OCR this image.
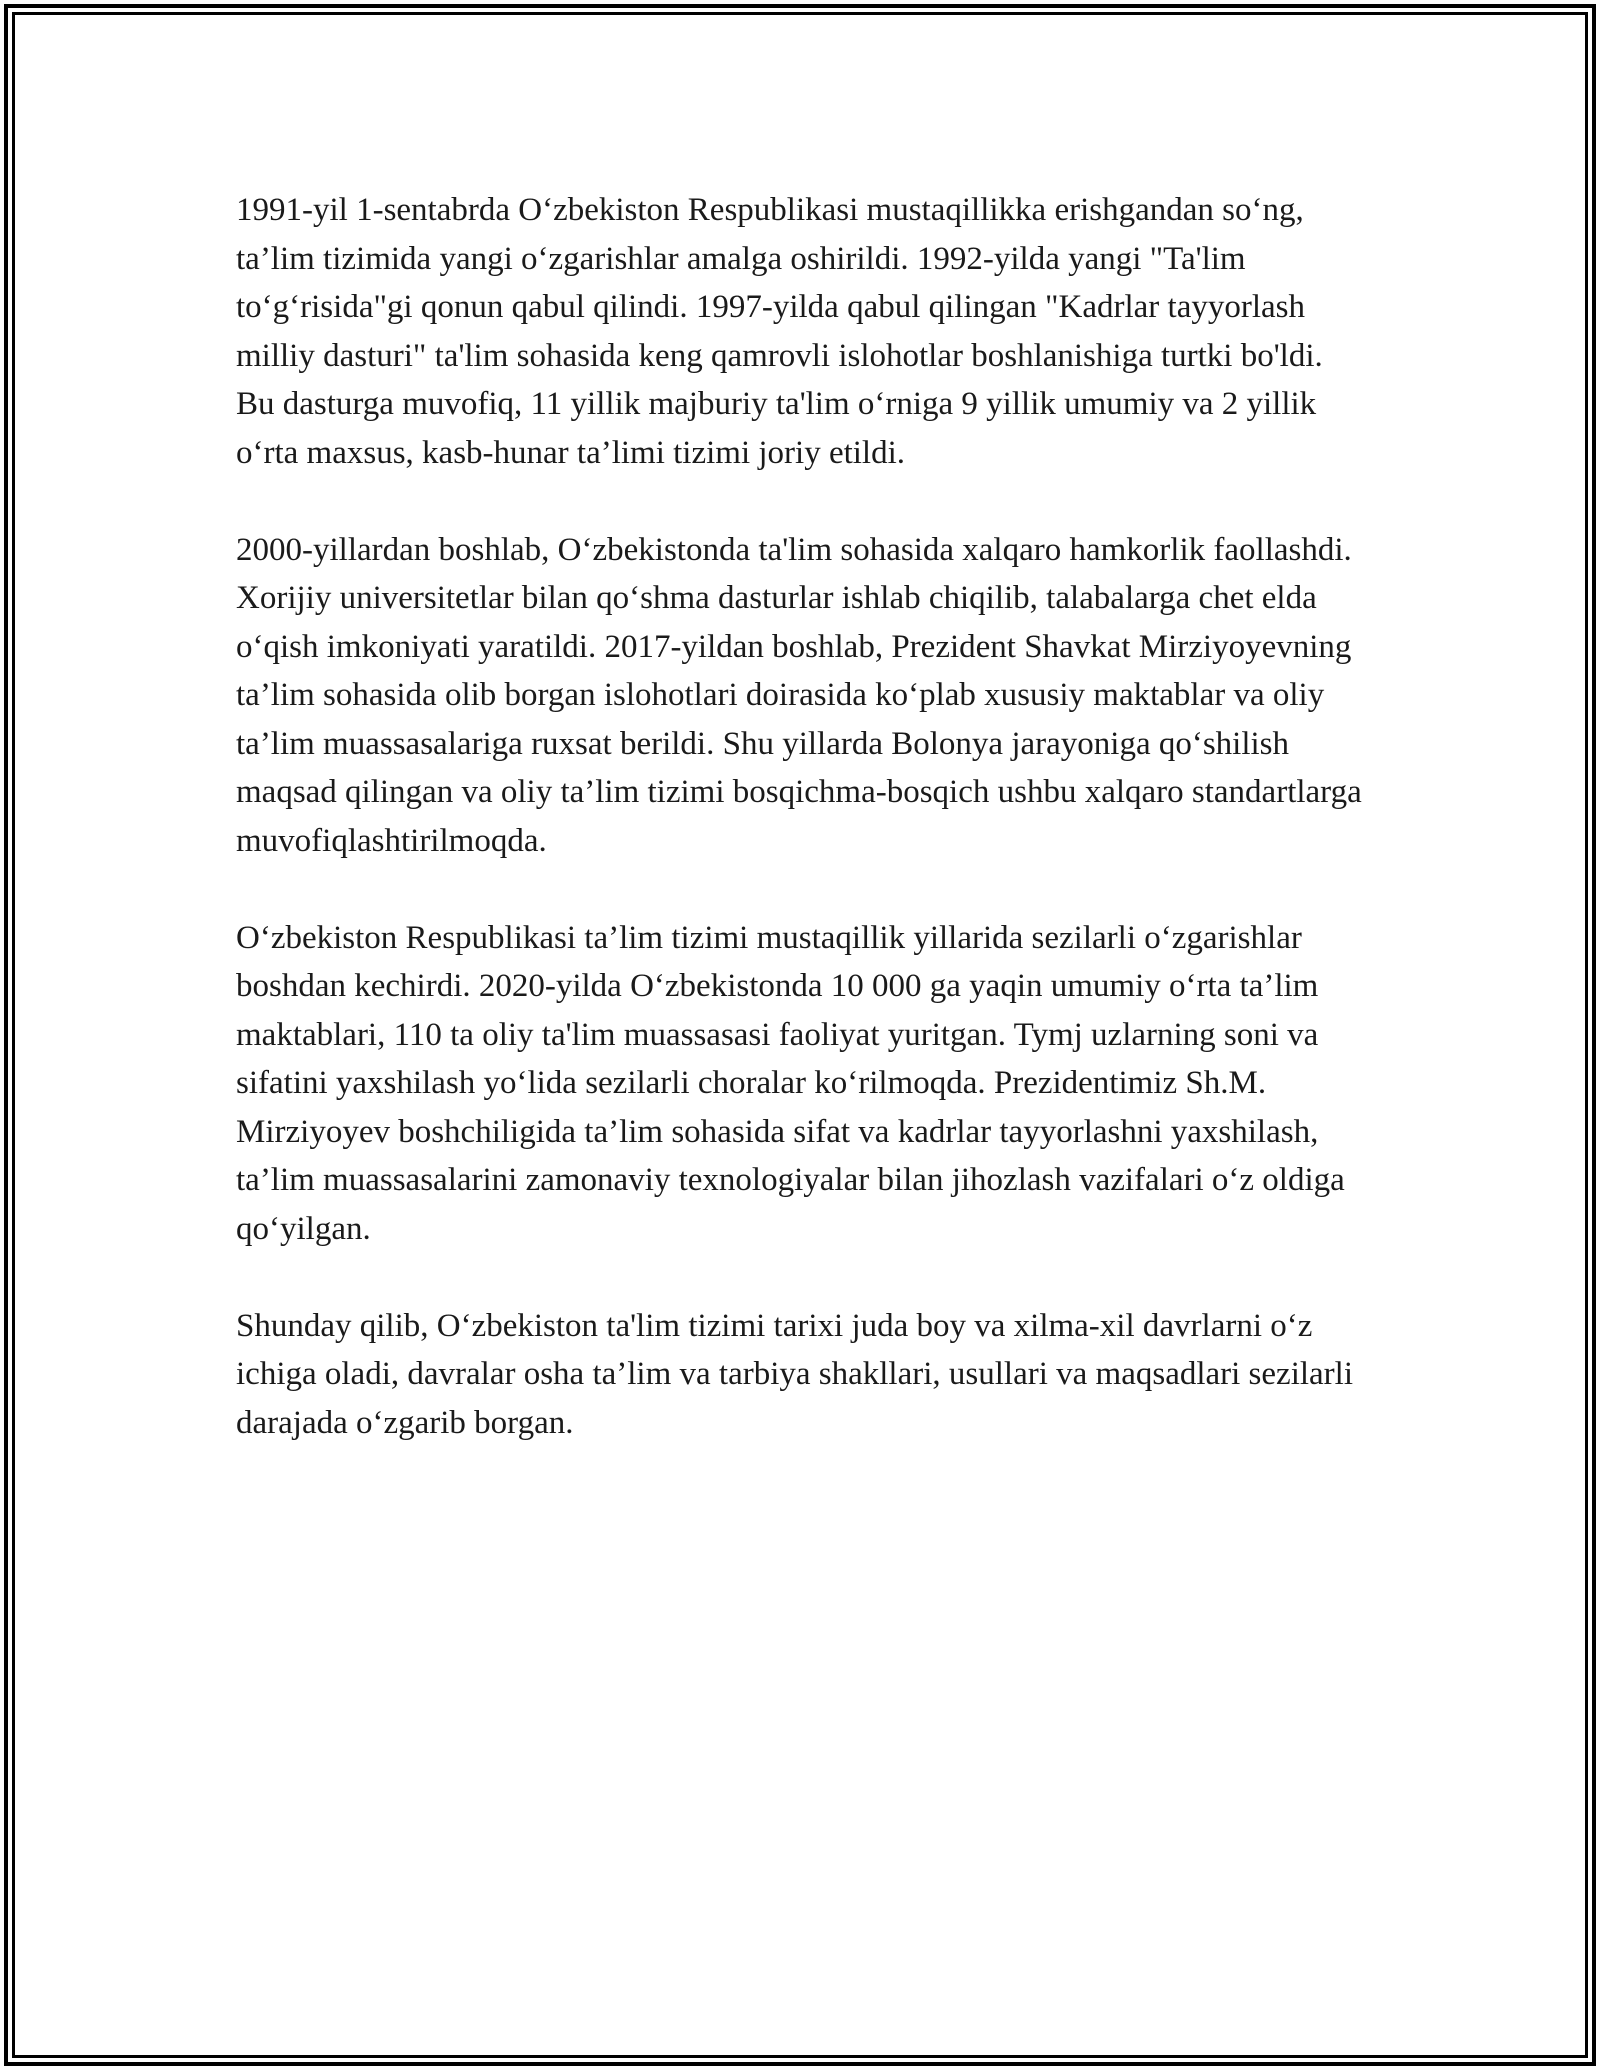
1991-yil 1-sentabrda O‘zbekiston Respublikasi mustaqillikka erishgandan so‘ng, ta’lim tizimida yangi o‘zgarishlar amalga oshirildi. 1992-yilda yangi "Ta'lim to‘g‘risida"gi qonun qabul qilindi. 1997-yilda qabul qilingan "Kadrlar tayyorlash milliy dasturi" ta'lim sohasida keng qamrovli islohotlar boshlanishiga turtki bo'ldi. Bu dasturga muvofiq, 11 yillik majburiy ta'lim o‘rniga 9 yillik umumiy va 2 yillik o‘rta maxsus, kasb-hunar ta’limi tizimi joriy etildi.

2000-yillardan boshlab, O‘zbekistonda ta'lim sohasida xalqaro hamkorlik faollashdi. Xorijiy universitetlar bilan qo‘shma dasturlar ishlab chiqilib, talabalarga chet elda o‘qish imkoniyati yaratildi. 2017-yildan boshlab, Prezident Shavkat Mirziyoyevning ta’lim sohasida olib borgan islohotlari doirasida ko‘plab xususiy maktablar va oliy ta’lim muassasalariga ruxsat berildi. Shu yillarda Bolonya jarayoniga qo‘shilish maqsad qilingan va oliy ta’lim tizimi bosqichma-bosqich ushbu xalqaro standartlarga muvofiqlashtirilmoqda.

O‘zbekiston Respublikasi ta’lim tizimi mustaqillik yillarida sezilarli o‘zgarishlar boshdan kechirdi. 2020-yilda O‘zbekistonda 10 000 ga yaqin umumiy o‘rta ta’lim maktablari, 110 ta oliy ta'lim muassasasi faoliyat yuritgan. Tymj uzlarning soni va sifatini yaxshilash yo‘lida sezilarli choralar ko‘rilmoqda. Prezidentimiz Sh.M. Mirziyoyev boshchiligida ta’lim sohasida sifat va kadrlar tayyorlashni yaxshilash, ta’lim muassasalarini zamonaviy texnologiyalar bilan jihozlash vazifalari o‘z oldiga qo‘yilgan.

Shunday qilib, O‘zbekiston ta'lim tizimi tarixi juda boy va xilma-xil davrlarni o‘z ichiga oladi, davralar osha ta’lim va tarbiya shakllari, usullari va maqsadlari sezilarli darajada o‘zgarib borgan.
